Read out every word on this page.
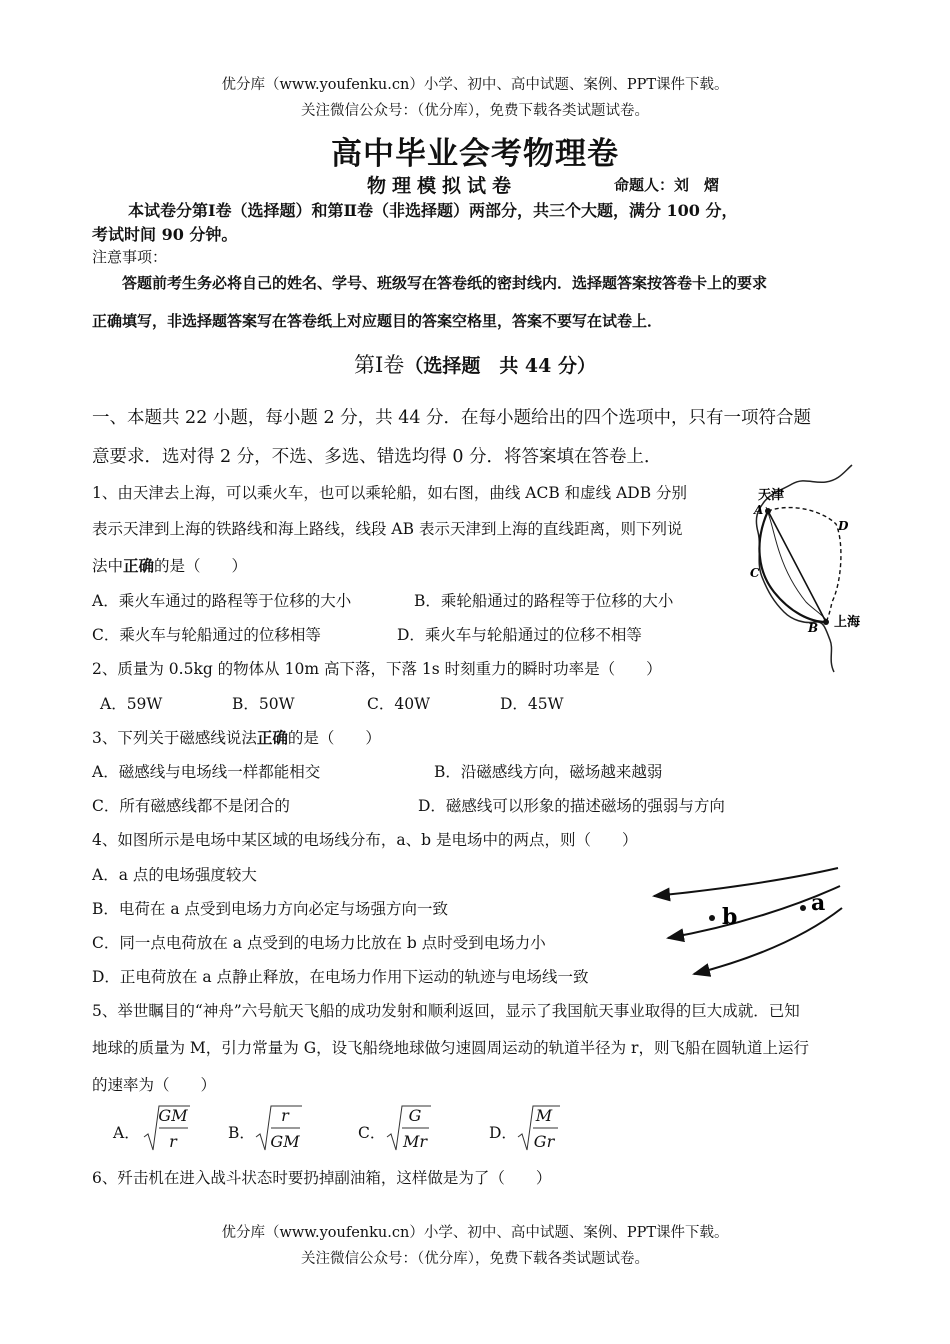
优分库（www.youfenku.cn）小学、初中、高中试题、案例、PPT课件下载。
关注微信公众号：（优分库），免费下载各类试题试卷。
高中毕业会考物理卷
物理模拟试卷	命题人：刘　熠
本试卷分第Ⅰ卷（选择题）和第Ⅱ卷（非选择题）两部分，共三个大题，满分 100 分，
考试时间 90 分钟。
注意事项：
答题前考生务必将自己的姓名、学号、班级写在答卷纸的密封线内．选择题答案按答卷卡上的要求
正确填写，非选择题答案写在答卷纸上对应题目的答案空格里，答案不要写在试卷上．
第Ⅰ卷（选择题　共 44 分）
一、本题共 22 小题，每小题 2 分，共 44 分．在每小题给出的四个选项中，只有一项符合题
意要求．选对得 2 分，不选、多选、错选均得 0 分．将答案填在答卷上．
1、由天津去上海，可以乘火车，也可以乘轮船，如右图，曲线 ACB 和虚线 ADB 分别
表示天津到上海的铁路线和海上路线，线段 AB 表示天津到上海的直线距离，则下列说
法中正确的是（　　）
A．乘火车通过的路程等于位移的大小	B．乘轮船通过的路程等于位移的大小
C．乘火车与轮船通过的位移相等	D．乘火车与轮船通过的位移不相等
天津
上海
A
B
C
D
2、质量为 0.5kg 的物体从 10m 高下落，下落 1s 时刻重力的瞬时功率是（　　）
A．59W	B．50W	C．40W	D．45W
3、下列关于磁感线说法正确的是（　　）
A．磁感线与电场线一样都能相交	B．沿磁感线方向，磁场越来越弱
C．所有磁感线都不是闭合的	D．磁感线可以形象的描述磁场的强弱与方向
4、如图所示是电场中某区域的电场线分布，a、b 是电场中的两点，则（　　）
A．a 点的电场强度较大
B．电荷在 a 点受到电场力方向必定与场强方向一致
C．同一点电荷放在 a 点受到的电场力比放在 b 点时受到电场力小
D．正电荷放在 a 点静止释放，在电场力作用下运动的轨迹与电场线一致
b
a
5、举世瞩目的“神舟”六号航天飞船的成功发射和顺利返回，显示了我国航天事业取得的巨大成就．已知
地球的质量为 M，引力常量为 G，设飞船绕地球做匀速圆周运动的轨道半径为 r，则飞船在圆轨道上运行
的速率为（　　）
A．
GM
r	B．
r
GM	C．
G
Mr	D．
M
Gr
6、歼击机在进入战斗状态时要扔掉副油箱，这样做是为了（　　）
优分库（www.youfenku.cn）小学、初中、高中试题、案例、PPT课件下载。
关注微信公众号：（优分库），免费下载各类试题试卷。
